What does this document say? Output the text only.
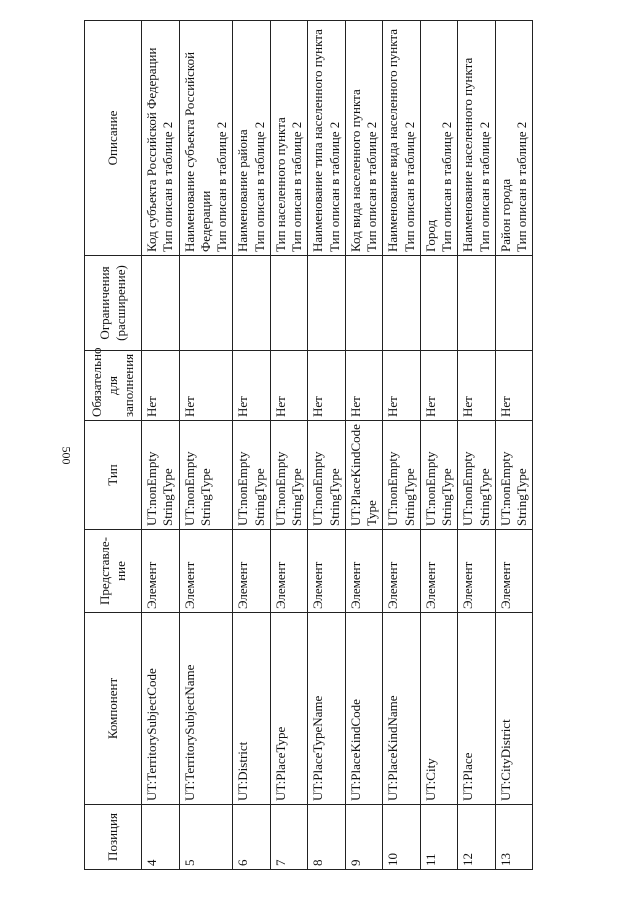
500
Позиция	Компонент	Представле-ние	Тип	Обязательно для заполнения	Ограничения (расширение)	Описание
4	UT:TerritorySubjectCode	Элемент	UT:nonEmpty StringType	Нет		Код субъекта Российской Федерации Тип описан в таблице 2

5	UT:TerritorySubjectName	Элемент	UT:nonEmpty StringType	Нет		Наименование субъекта Российской Федерации Тип описан в таблице 2

6	UT:District	Элемент	UT:nonEmpty StringType	Нет		Наименование района Тип описан в таблице 2

7	UT:PlaceType	Элемент	UT:nonEmpty StringType	Нет		Тип населенного пункта Тип описан в таблице 2

8	UT:PlaceTypeName	Элемент	UT:nonEmpty StringType	Нет		Наименование типа населенного пункта Тип описан в таблице 2

9	UT:PlaceKindCode	Элемент	UT:PlaceKindCode Type	Нет		Код вида населенного пункта Тип описан в таблице 2

10	UT:PlaceKindName	Элемент	UT:nonEmpty StringType	Нет		Наименование вида населенного пункта Тип описан в таблице 2

11	UT:City	Элемент	UT:nonEmpty StringType	Нет		Город Тип описан в таблице 2

12	UT:Place	Элемент	UT:nonEmpty StringType	Нет		Наименование населенного пункта Тип описан в таблице 2

13	UT:CityDistrict	Элемент	UT:nonEmpty StringType	Нет		Район города Тип описан в таблице 2
